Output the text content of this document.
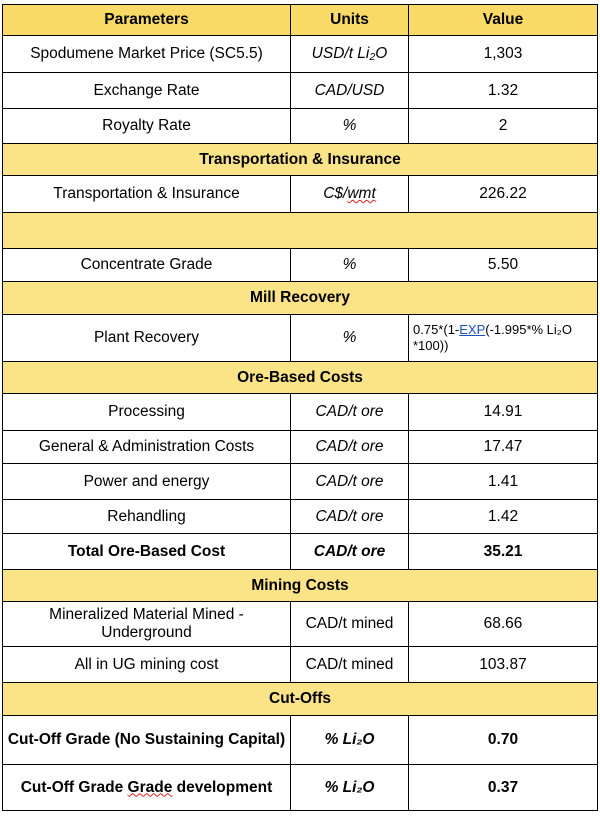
Parameters	Units	Value
Spodumene Market Price (SC5.5)	USD/t Li₂O	1,303
Exchange Rate	CAD/USD	1.32
Royalty Rate	%	2
Transportation & Insurance		
Transportation & Insurance	C$/wmt	226.22

Concentrate Grade	%	5.50
Mill Recovery		
Plant Recovery	%	0.75*(1-EXP(-1.995*% Li₂O *100))
Ore-Based Costs		
Processing	CAD/t ore	14.91
General & Administration Costs	CAD/t ore	17.47
Power and energy	CAD/t ore	1.41
Rehandling	CAD/t ore	1.42
Total Ore-Based Cost	CAD/t ore	35.21
Mining Costs		
Mineralized Material Mined - Underground	CAD/t mined	68.66
All in UG mining cost	CAD/t mined	103.87
Cut-Offs		
Cut-Off Grade (No Sustaining Capital)	% Li₂O	0.70
Cut-Off Grade Grade development	% Li₂O	0.37
